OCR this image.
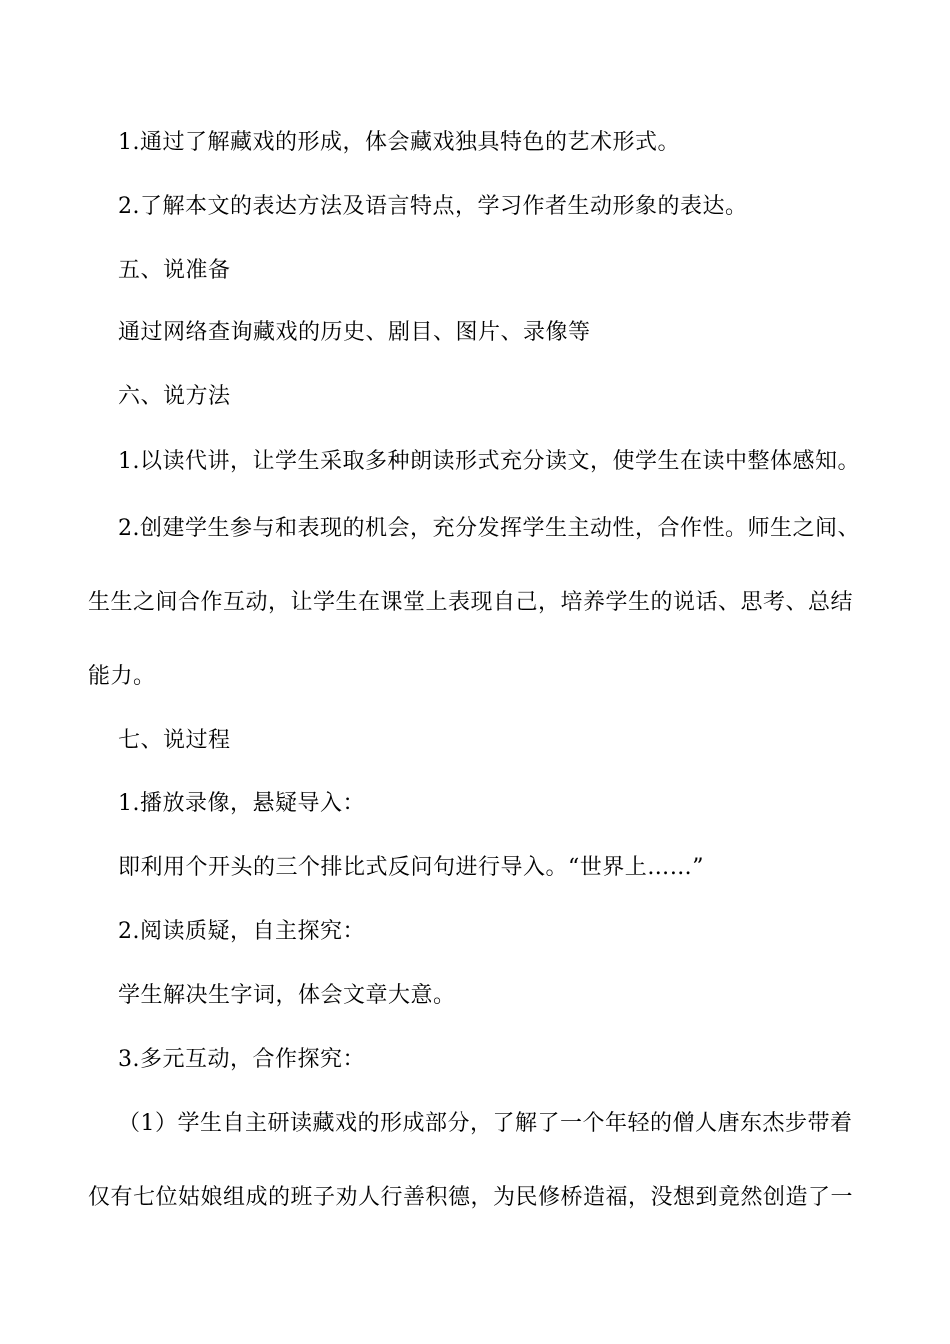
1.通过了解藏戏的形成，体会藏戏独具特色的艺术形式。
2.了解本文的表达方法及语言特点，学习作者生动形象的表达。
五、说准备
通过网络查询藏戏的历史、剧目、图片、录像等
六、说方法
1.以读代讲，让学生采取多种朗读形式充分读文，使学生在读中整体感知。
2.创建学生参与和表现的机会，充分发挥学生主动性，合作性。师生之间、
生生之间合作互动，让学生在课堂上表现自己，培养学生的说话、思考、总结
能力。
七、说过程
1.播放录像，悬疑导入：
即利用个开头的三个排比式反问句进行导入。“世界上……”
2.阅读质疑，自主探究：
学生解决生字词，体会文章大意。
3.多元互动，合作探究：
（1）学生自主研读藏戏的形成部分，了解了一个年轻的僧人唐东杰步带着
仅有七位姑娘组成的班子劝人行善积德，为民修桥造福，没想到竟然创造了一
